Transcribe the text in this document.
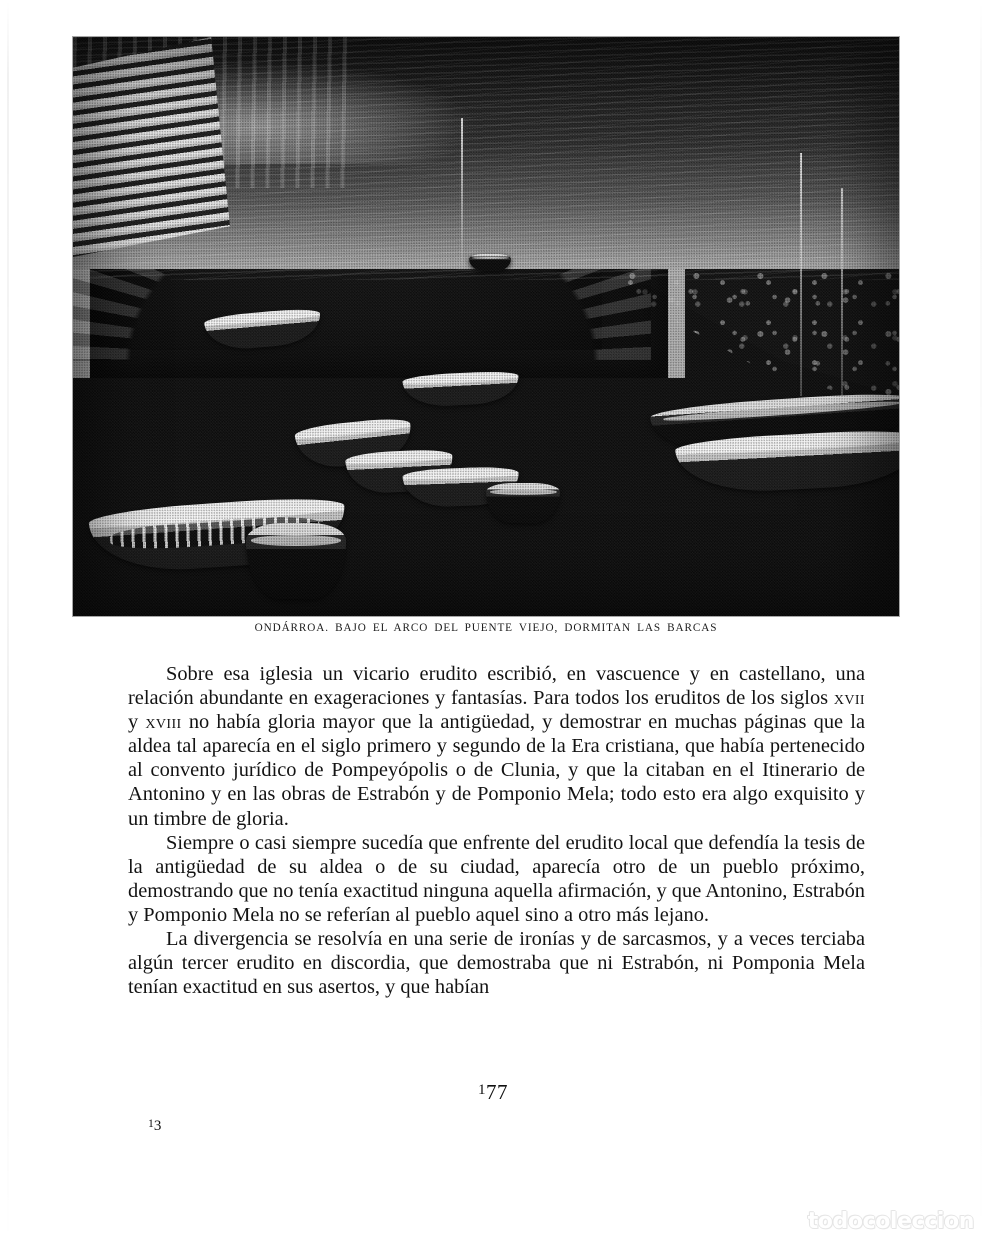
ONDÁRROA. BAJO EL ARCO DEL PUENTE VIEJO, DORMITAN LAS BARCAS

Sobre esa iglesia un vicario erudito escribió, en vascuence y en castellano, una relación abundante en exageraciones y fantasías. Para todos los eruditos de los siglos xvii y xviii no había gloria mayor que la antigüedad, y demostrar en muchas páginas que la aldea tal aparecía en el siglo primero y segundo de la Era cristiana, que había pertenecido al convento jurídico de Pompeyópolis o de Clunia, y que la citaban en el Itinerario de Antonino y en las obras de Estrabón y de Pomponio Mela; todo esto era algo exquisito y un timbre de gloria.

Siempre o casi siempre sucedía que enfrente del erudito local que defendía la tesis de la antigüedad de su aldea o de su ciudad, aparecía otro de un pueblo próximo, demostrando que no tenía exactitud ninguna aquella afirmación, y que Antonino, Estrabón y Pomponio Mela no se referían al pueblo aquel sino a otro más lejano.

La divergencia se resolvía en una serie de ironías y de sarcasmos, y a veces terciaba algún tercer erudito en discordia, que demostraba que ni Estrabón, ni Pomponia Mela tenían exactitud en sus asertos, y que habían

$^1$77
$^1$3
todocoleccion
